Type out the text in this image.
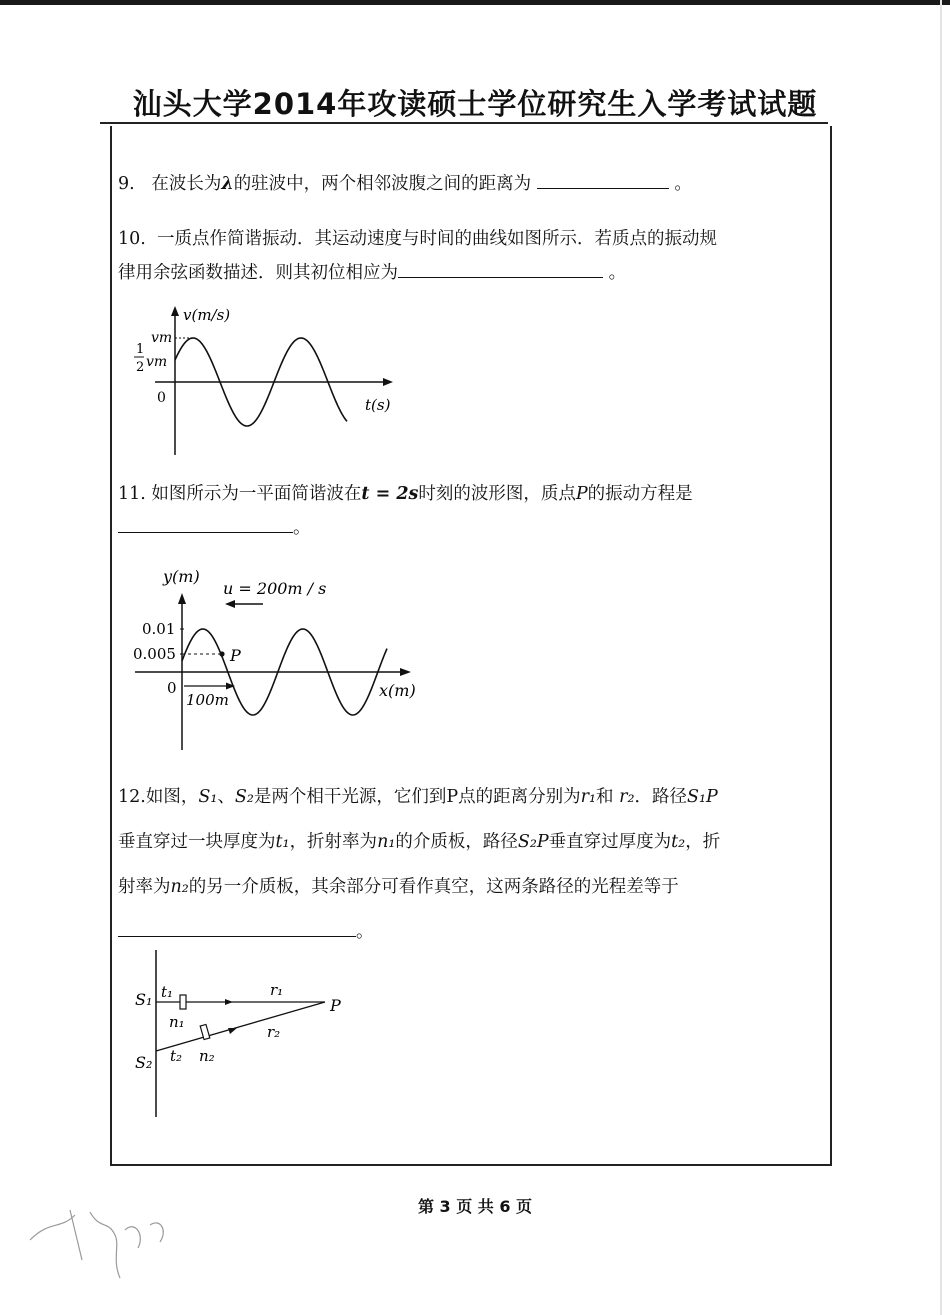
汕头大学2014年攻读硕士学位研究生入学考试试题
9. 在波长为λ的驻波中，两个相邻波腹之间的距离为	。
10. 一质点作简谐振动．其运动速度与时间的曲线如图所示．若质点的振动规
律用余弦函数描述．则其初位相应为	。
v(m/s)
vm
1
2 vm
0	t(s)
11. 如图所示为一平面简谐波在t = 2s时刻的波形图，质点P的振动方程是
。
y(m)
u = 200m / s
0.01
0.005	P
0
100m	x(m)
12.如图，S₁、S₂是两个相干光源，它们到P点的距离分别为r₁和 r₂．路径S₁P
垂直穿过一块厚度为t₁，折射率为n₁的介质板，路径S₂P垂直穿过厚度为t₂，折
射率为n₂的另一介质板，其余部分可看作真空，这两条路径的光程差等于
。
S₁
S₂
t₁
n₁
t₂ n₂
r₁
r₂
P
第 3 页 共 6 页
